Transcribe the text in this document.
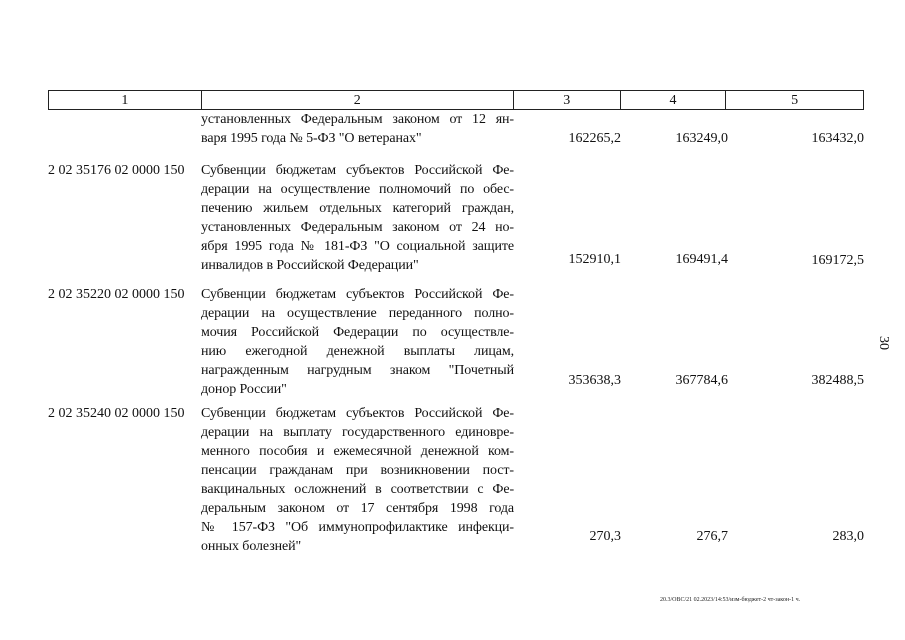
1	2	3	4	5
установленных Федеральным законом от 12 ян-
варя 1995 года № 5-ФЗ "О ветеранах"	162265,2	163249,0	163432,0
2 02 35176 02 0000 150 Субвенции бюджетам субъектов Российской Фе-
дерации на осуществление полномочий по обес-
печению жильем отдельных категорий граждан,
установленных Федеральным законом от 24 но-
ября 1995 года № 181-ФЗ "О социальной защите
инвалидов в Российской Федерации"	152910,1	169491,4	169172,5
2 02 35220 02 0000 150 Субвенции бюджетам субъектов Российской Фе-
дерации на осуществление переданного полно-
мочия Российской Федерации по осуществле-
нию ежегодной денежной выплаты лицам,
награжденным нагрудным знаком "Почетный
донор России"
353638,3	367784,6	382488,5
2 02 35240 02 0000 150 Субвенции бюджетам субъектов Российской Фе-
дерации на выплату государственного единовре-
менного пособия и ежемесячной денежной ком-
пенсации гражданам при возникновении пост-
вакцинальных осложнений в соответствии с Фе-
деральным законом от 17 сентября 1998 года
№ 157-ФЗ "Об иммунопрофилактике инфекци-
онных болезней"
270,3	276,7	283,0
30
20.3/ОВС/21 02.2023/14:53/изм-бюджет-2 чт-закон-1 ч.
